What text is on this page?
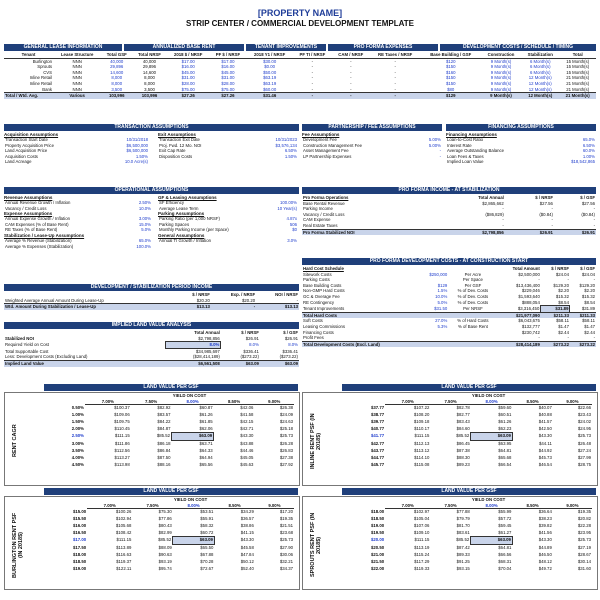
[PROPERTY NAME]
STRIP CENTER / COMMERCIAL DEVELOPMENT TEMPLATE
GENERAL LEASE INFORMATION	ANNUALIZED BASE RENT	TENANT IMPROVEMENTS	PRO FORMA EXPENSES	DEVELOPMENT COSTS / SCHEDULE / TIMING
Tenant	Lease Structure	Total GSF	Total NRSF	2018 $ / NRSF	PF $ / NRSF	2018 Y1 / NRSF	PF TI / NRSF	CAM / NRSF	RE Taxes / NRSF	Base Building / GSF	Construction	Stabilization	Total
Burlington	NNN	40,000	40,000	$17.00	$17.00	$30.00	-	-	-	$120	9 Month(s)	6 Month(s)	15 Month(s)
Sprouts	NNN	29,896	29,896	$16.00	$16.00	$0.00	-	-	-	$150	9 Month(s)	6 Month(s)	15 Month(s)
CVS	NNN	14,600	14,600	$45.00	$45.00	$50.00	-	-	-	$160	9 Month(s)	6 Month(s)	15 Month(s)
Inline Retail	NNN	8,000	8,000	$31.00	$31.00	$63.19	-	-	-	$150	9 Month(s)	12 Month(s)	21 Month(s)
Inline Retail	NNN	8,000	8,000	$28.00	$28.00	$63.19	-	-	-	$150	9 Month(s)	12 Month(s)	21 Month(s)
Bank	NNN	3,500	3,500	$75.00	$75.00	$60.00	-	-	-	$80	9 Month(s)	12 Month(s)	21 Month(s)
Total / Wtd. Avg.	Various	103,996	103,996	$27.26	$27.26	$31.46	-	-	-	$129	9 Month(s)	12 Month(s)	21 Month(s)
TRANSACTION ASSUMPTIONS
Acquisition Assumptions
Transaction Start Date	10/31/2018
Property Acquisition Price	$6,500,000
Land Acquisition Price	$6,500,000
Acquisition Costs	1.50%
Land Acreage	10.0 Acre(s)
Exit Assumptions
Transaction Exit Date	10/31/2023
Proj. Fwd. 12 Mo. NOI	$3,576,134
Exit Cap Rate	6.50%
Disposition Costs	1.50%
PARTNERSHIP / FEE ASSUMPTIONS
Fee Assumptions
Development Fee	5.00%
Construction Management Fee	5.00%
Asset Management Fee	-
LP Partnership Expenses	-
FINANCING ASSUMPTIONS
Financing Assumptions
Loan-to-Cost Ratio	65.0%
Interest Rate	6.50%
Average Outstanding Balance	60.0%
Loan Fees & Taxes	1.00%
Implied Loan Value	$18,542,865
OPERATIONAL ASSUMPTIONS
Revenue Assumptions
Annual Revenue Growth / Inflation	2.50%
Vacancy / Credit Loss	10.0%
Expense Assumptions
Annual Expense Growth / Inflation	3.00%
CAM Expenses (% of Base Rent)	15.0%
RE Taxes (% of Base Rent)	5.0%
Stabilization / Lease-Up Assumptions
Average % Revenue (Stabilization)	65.0%
Average % Expenses (Stabilization)	100.0%
GF & Leasing Assumptions
SF Efficiency	100.00%
Average Lease Term	10 Year(s)
Parking Assumptions
Parking Ratio (per 1,000 NRSF)	4.87x
Parking Spaces	506
Monthly Parking Income (per Space)	$0
General Assumptions
Annual TI Growth / Inflation	3.0%
PRO FORMA INCOME - AT STABILIZATION
Pro Forma Operations	Total Annual	$ / NRSF	$ / GSF
Base Rental Revenue	$2,865,662	$27.56	$27.56
Parking Income	-	-	-
Vacancy / Credit Loss	($86,829)	($0.84)	($0.84)
CAM Expense	-	-	-
Real Estate Taxes	-	-	-
Pro Forma Stabilized NOI	$2,798,856	$26.91	$26.91
DEVELOPMENT / STABILIZATION PERIOD INCOME
	$ / NRSF	Exp. / NRSF	NOI / NRSF
Weighted Average Annual Amount During Lease-Up	$20.20	$20.20	-
Wtd. Amount During Stabilization / Lease-Up	$13.13	-	$13.13
IMPLIED LAND VALUE ANALYSIS
	Total Annual	$ / NRSF	$ / GSF
Stabilized NOI	$2,798,856	$26.91	$26.91
Required Yield on Cost	8.0%	8.0%	8.0%
Total Supportable Cost	$34,985,697	$336.41	$336.41
Less: Development Costs (Excluding Land)	($28,414,189)	($273.22)	($273.22)
Implied Land Value	$6,561,508	$63.09	$63.09
PRO FORMA DEVELOPMENT COSTS - AT CONSTRUCTION START
Hard Cost Schedule			Total Amount	$ / NRSF	$ / GSF
Sitework Costs	$250,000	Per Acre	$2,500,000	$24.04	$24.04
Parking Costs		Per Space	-	-	-
Base Building Costs	$129	Per GSF	$13,436,400	$129.20	$129.20
Non-GMP Hard Costs	1.5%	% of Dev. Costs	$229,046	$2.20	$2.20
GC & Overage Fee	10.0%	% of Dev. Costs	$1,593,640	$15.32	$15.32
RE Contingency	5.0%	% of Dev. Costs	$888,054	$8.54	$8.54
Tenant Improvements	$31.50	Per NRSF	$3,316,450	$31.89	$31.89
Total Hard Costs			$21,977,090	$211.33	$211.33
Soft Costs	27.0%	% of Hard Costs	$6,043,675	$58.11	$58.11
Leasing Commissions	5.3%	% of Base Rent	$132,777	$1.47	$1.47
Financing Costs			$230,742	$2.44	$2.44
Profit Fees			-	-	-
Total Development Costs (Excl. Land)			$28,414,189	$273.22	$273.22
LAND VALUE PER GSF
RENT CAGR
	YIELD ON COST				
	7.00%	7.50%	8.00%	8.50%	9.00%
0.50%	$100.37	$82.92	$60.87	$42.06	$26.38
1.00%	$109.06	$83.57	$61.26	$41.58	$24.09
1.50%	$109.75	$84.22	$61.85	$42.15	$24.63
2.00%	$110.45	$84.87	$62.06	$42.71	$25.18
2.50%	$111.15	$85.52	$63.09	$43.30	$25.73
3.00%	$111.86	$86.18	$63.71	$43.88	$26.28
3.50%	$112.56	$86.84	$64.33	$44.46	$26.83
4.00%	$113.27	$87.50	$64.94	$45.05	$27.38
4.50%	$113.98	$88.16	$65.56	$45.63	$27.92
LAND VALUE PER GSF
INLINE RENT PSF (IN 2018$)
	YIELD ON COST				
	7.00%	7.50%	8.00%	8.50%	9.00%
$37.77	$107.22	$82.78	$59.60	$40.07	$22.66
$38.77	$108.20	$82.77	$60.51	$40.88	$23.43
$39.77	$109.18	$83.43	$61.26	$41.57	$24.02
$40.77	$110.17	$84.60	$62.23	$42.50	$24.95
$41.77	$111.15	$85.52	$63.09	$43.30	$25.73
$42.77	$112.13	$86.45	$63.95	$44.11	$26.48
$43.77	$113.12	$87.38	$64.81	$44.92	$27.24
$44.77	$114.10	$88.30	$65.68	$45.73	$27.99
$45.77	$115.08	$89.23	$66.54	$46.54	$28.75
LAND VALUE PER GSF
BURLINGTON RENT PSF (IN 2018$)
	YIELD ON COST				
	7.00%	7.50%	8.00%	8.50%	9.00%
$15.00	$100.26	$75.30	$53.51	$34.29	$17.20
$15.50	$102.94	$77.86	$55.91	$36.57	$19.35
$16.00	$105.68	$80.43	$58.32	$38.86	$21.51
$16.50	$108.42	$82.99	$60.72	$41.15	$23.68
$17.00	$111.15	$85.52	$63.09	$43.30	$25.73
$17.50	$113.89	$88.09	$65.50	$45.58	$27.90
$18.00	$116.63	$90.63	$67.88	$47.84	$30.06
$18.50	$119.37	$93.19	$70.28	$50.12	$32.21
$19.00	$122.11	$95.74	$72.67	$52.40	$34.37
LAND VALUE PER GSF
SPROUTS RENT PSF (IN 2018$)
	YIELD ON COST				
	7.00%	7.50%	8.00%	8.50%	9.00%
$18.00	$102.97	$77.88	$55.99	$36.64	$19.35
$18.50	$105.04	$79.79	$57.72	$38.23	$20.82
$19.00	$107.06	$81.70	$59.45	$39.82	$22.28
$19.50	$109.10	$83.61	$61.27	$41.56	$23.95
$20.00	$111.15	$85.52	$63.09	$43.30	$25.73
$20.50	$113.19	$87.42	$64.81	$44.89	$27.19
$21.00	$115.24	$89.33	$66.56	$46.50	$28.67
$21.50	$117.29	$91.25	$68.31	$48.12	$30.14
$22.00	$119.33	$93.15	$70.04	$49.72	$31.60
